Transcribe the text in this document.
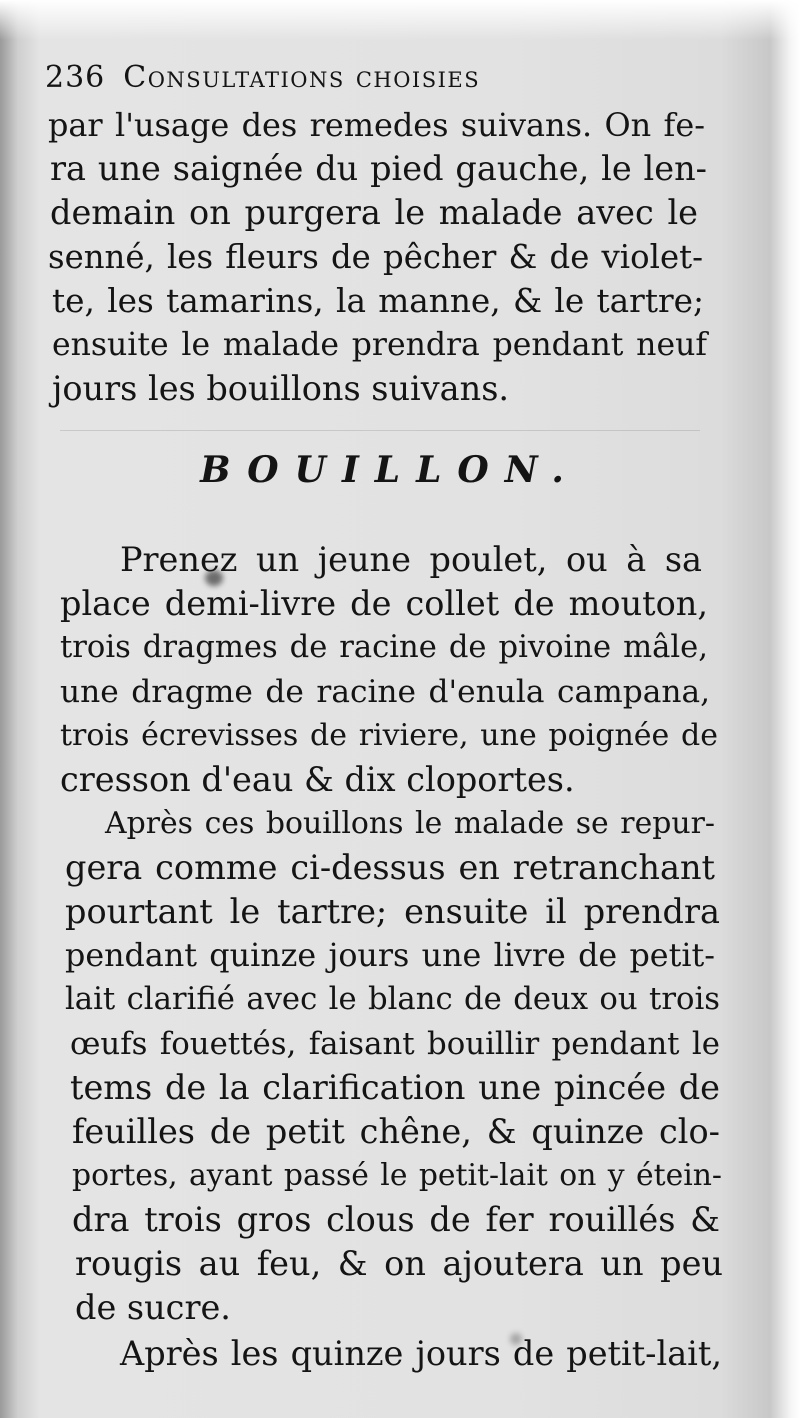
236 Consultations choisies
par l'usage des remedes suivans. On fe-
ra une saignée du pied gauche, le len-
demain on purgera le malade avec le
senné, les fleurs de pêcher & de violet-
te, les tamarins, la manne, & le tartre;
ensuite le malade prendra pendant neuf
jours les bouillons suivans.
BOUILLON.
Prenez un jeune poulet, ou à sa
place demi-livre de collet de mouton,
trois dragmes de racine de pivoine mâle,
une dragme de racine d'enula campana,
trois écrevisses de riviere, une poignée de
cresson d'eau & dix cloportes.
Après ces bouillons le malade se repur-
gera comme ci-dessus en retranchant
pourtant le tartre; ensuite il prendra
pendant quinze jours une livre de petit-
lait clarifié avec le blanc de deux ou trois
œufs fouettés, faisant bouillir pendant le
tems de la clarification une pincée de
feuilles de petit chêne, & quinze clo-
portes, ayant passé le petit-lait on y étein-
dra trois gros clous de fer rouillés &
rougis au feu, & on ajoutera un peu
de sucre.
Après les quinze jours de petit-lait,
